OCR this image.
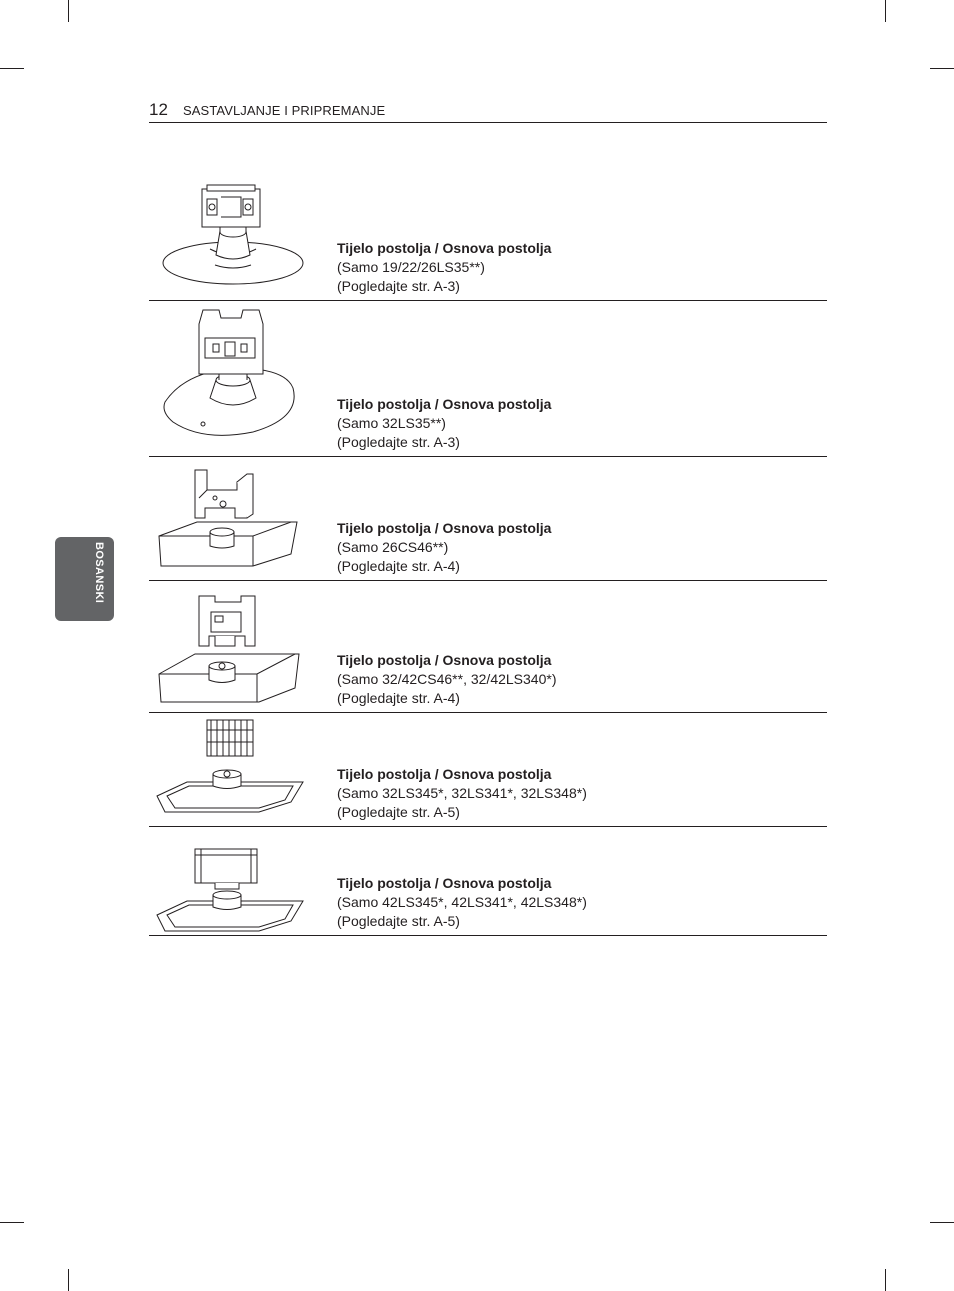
12 SASTAVLJANJE I PRIPREMANJE
BOSANSKI
Tijelo postolja / Osnova postolja
(Samo 19/22/26LS35**)
(Pogledajte str. A-3)
Tijelo postolja / Osnova postolja
(Samo 32LS35**)
(Pogledajte str. A-3)
Tijelo postolja / Osnova postolja
(Samo 26CS46**)
(Pogledajte str. A-4)
Tijelo postolja / Osnova postolja
(Samo 32/42CS46**, 32/42LS340*)
(Pogledajte str. A-4)
Tijelo postolja / Osnova postolja
(Samo 32LS345*, 32LS341*, 32LS348*)
(Pogledajte str. A-5)
Tijelo postolja / Osnova postolja
(Samo 42LS345*, 42LS341*, 42LS348*)
(Pogledajte str. A-5)
